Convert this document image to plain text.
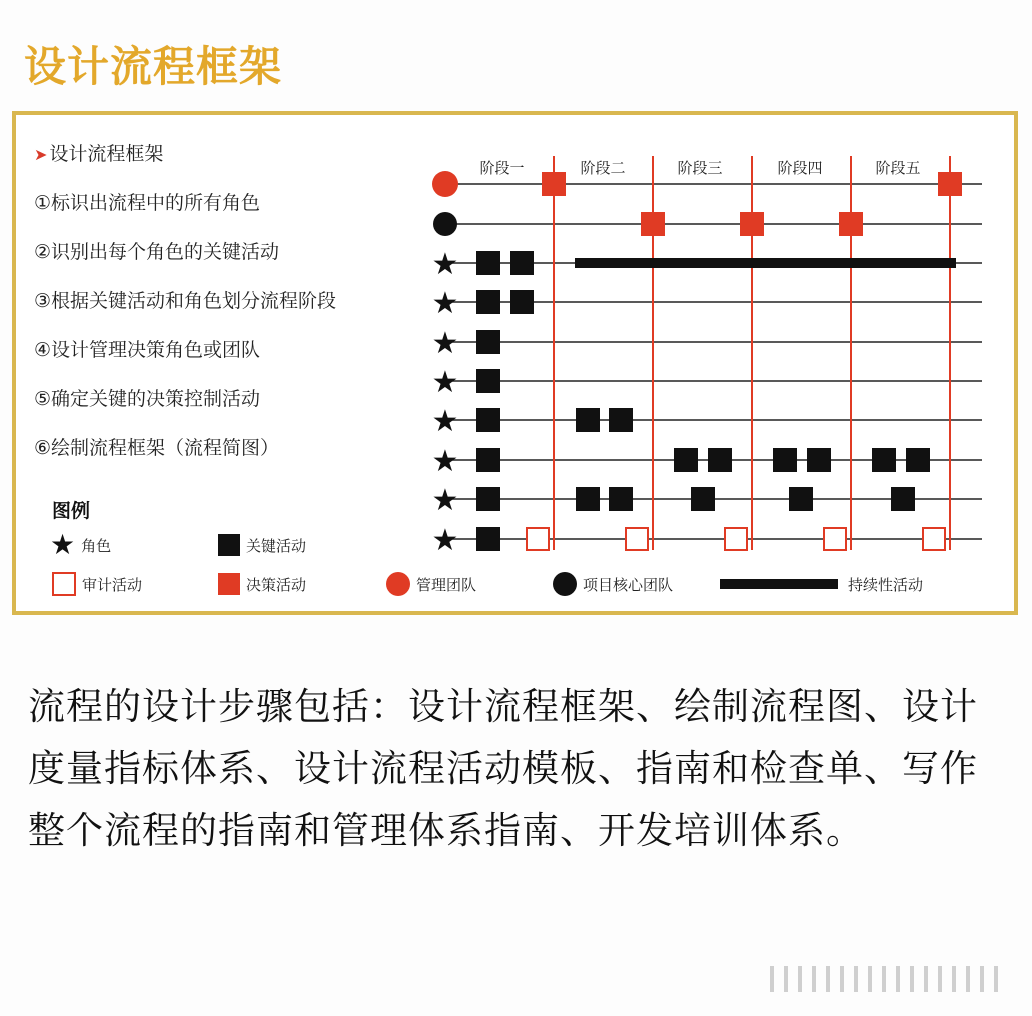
设计流程框架
➤ 设计流程框架
①标识出流程中的所有角色
②识别出每个角色的关键活动
③根据关键活动和角色划分流程阶段
④设计管理决策角色或团队
⑤确定关键的决策控制活动
⑥绘制流程框架（流程简图）
阶段一	阶段二	阶段三	阶段四	阶段五
★
★
★
★
★
★
★
★
图例
★ 角色	关键活动
审计活动	决策活动	管理团队	项目核心团队	持续性活动

流程的设计步骤包括：设计流程框架、绘制流程图、设计度量指标体系、设计流程活动模板、指南和检查单、写作整个流程的指南和管理体系指南、开发培训体系。
